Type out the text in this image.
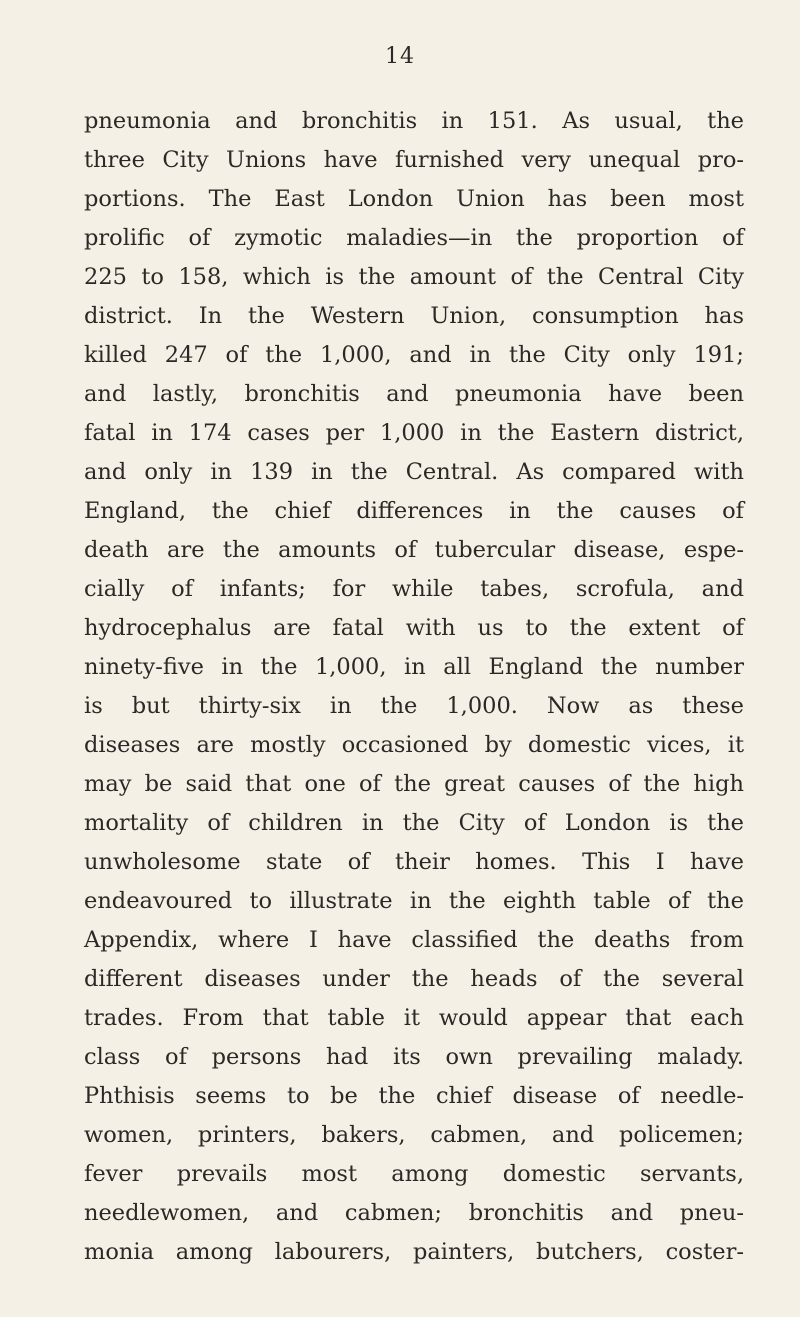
14
pneumonia and bronchitis in 151. As usual, the
three City Unions have furnished very unequal pro-
portions. The East London Union has been most
prolific of zymotic maladies—in the proportion of
225 to 158, which is the amount of the Central City
district. In the Western Union, consumption has
killed 247 of the 1,000, and in the City only 191;
and lastly, bronchitis and pneumonia have been
fatal in 174 cases per 1,000 in the Eastern district,
and only in 139 in the Central. As compared with
England, the chief differences in the causes of
death are the amounts of tubercular disease, espe-
cially of infants; for while tabes, scrofula, and
hydrocephalus are fatal with us to the extent of
ninety-five in the 1,000, in all England the number
is but thirty-six in the 1,000. Now as these
diseases are mostly occasioned by domestic vices, it
may be said that one of the great causes of the high
mortality of children in the City of London is the
unwholesome state of their homes. This I have
endeavoured to illustrate in the eighth table of the
Appendix, where I have classified the deaths from
different diseases under the heads of the several
trades. From that table it would appear that each
class of persons had its own prevailing malady.
Phthisis seems to be the chief disease of needle-
women, printers, bakers, cabmen, and policemen;
fever prevails most among domestic servants,
needlewomen, and cabmen; bronchitis and pneu-
monia among labourers, painters, butchers, coster-
